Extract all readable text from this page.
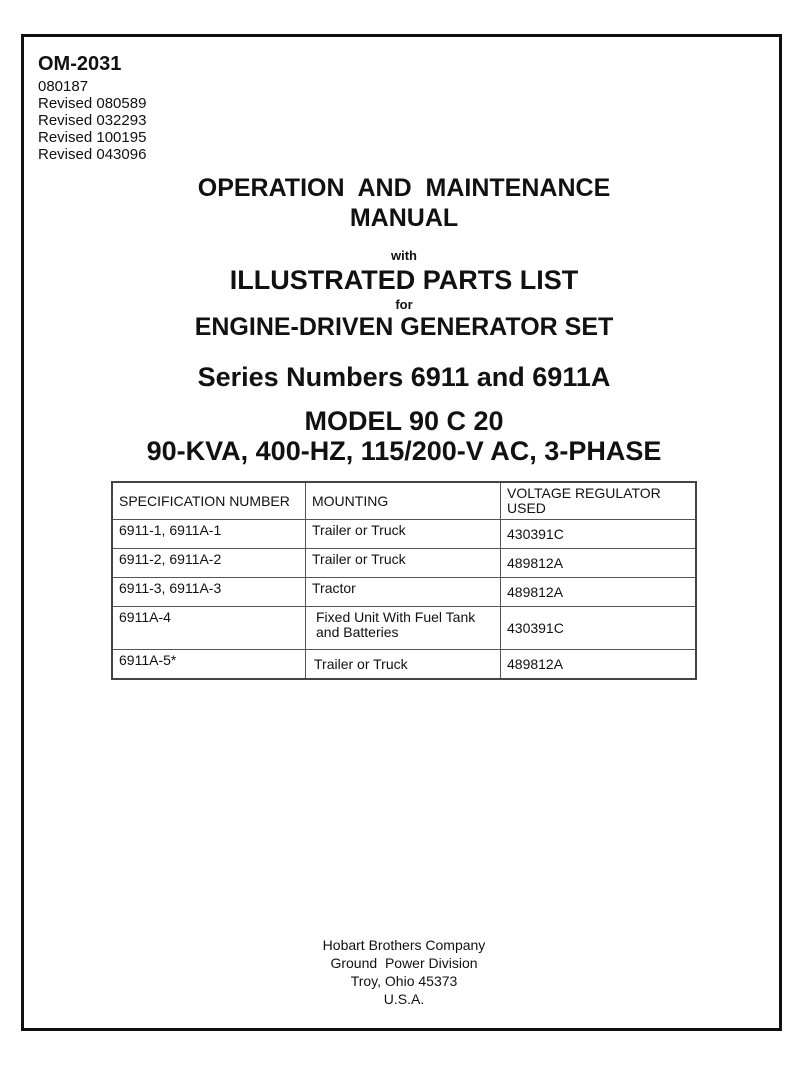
OM-2031
080187
Revised 080589
Revised 032293
Revised 100195
Revised 043096
OPERATION  AND  MAINTENANCE
MANUAL
with
ILLUSTRATED PARTS LIST
for
ENGINE-DRIVEN GENERATOR SET
Series Numbers 6911 and 6911A
MODEL 90 C 20
90-KVA, 400-HZ, 115/200-V AC, 3-PHASE
SPECIFICATION NUMBER	MOUNTING	VOLTAGE REGULATOR USED
6911-1, 6911A-1	Trailer or Truck	430391C
6911-2, 6911A-2	Trailer or Truck	489812A
6911-3, 6911A-3	Tractor	489812A
6911A-4	Fixed Unit With Fuel Tank and Batteries	430391C
6911A-5*	Trailer or Truck	489812A
Hobart Brothers Company
Ground  Power Division
Troy, Ohio 45373
U.S.A.
